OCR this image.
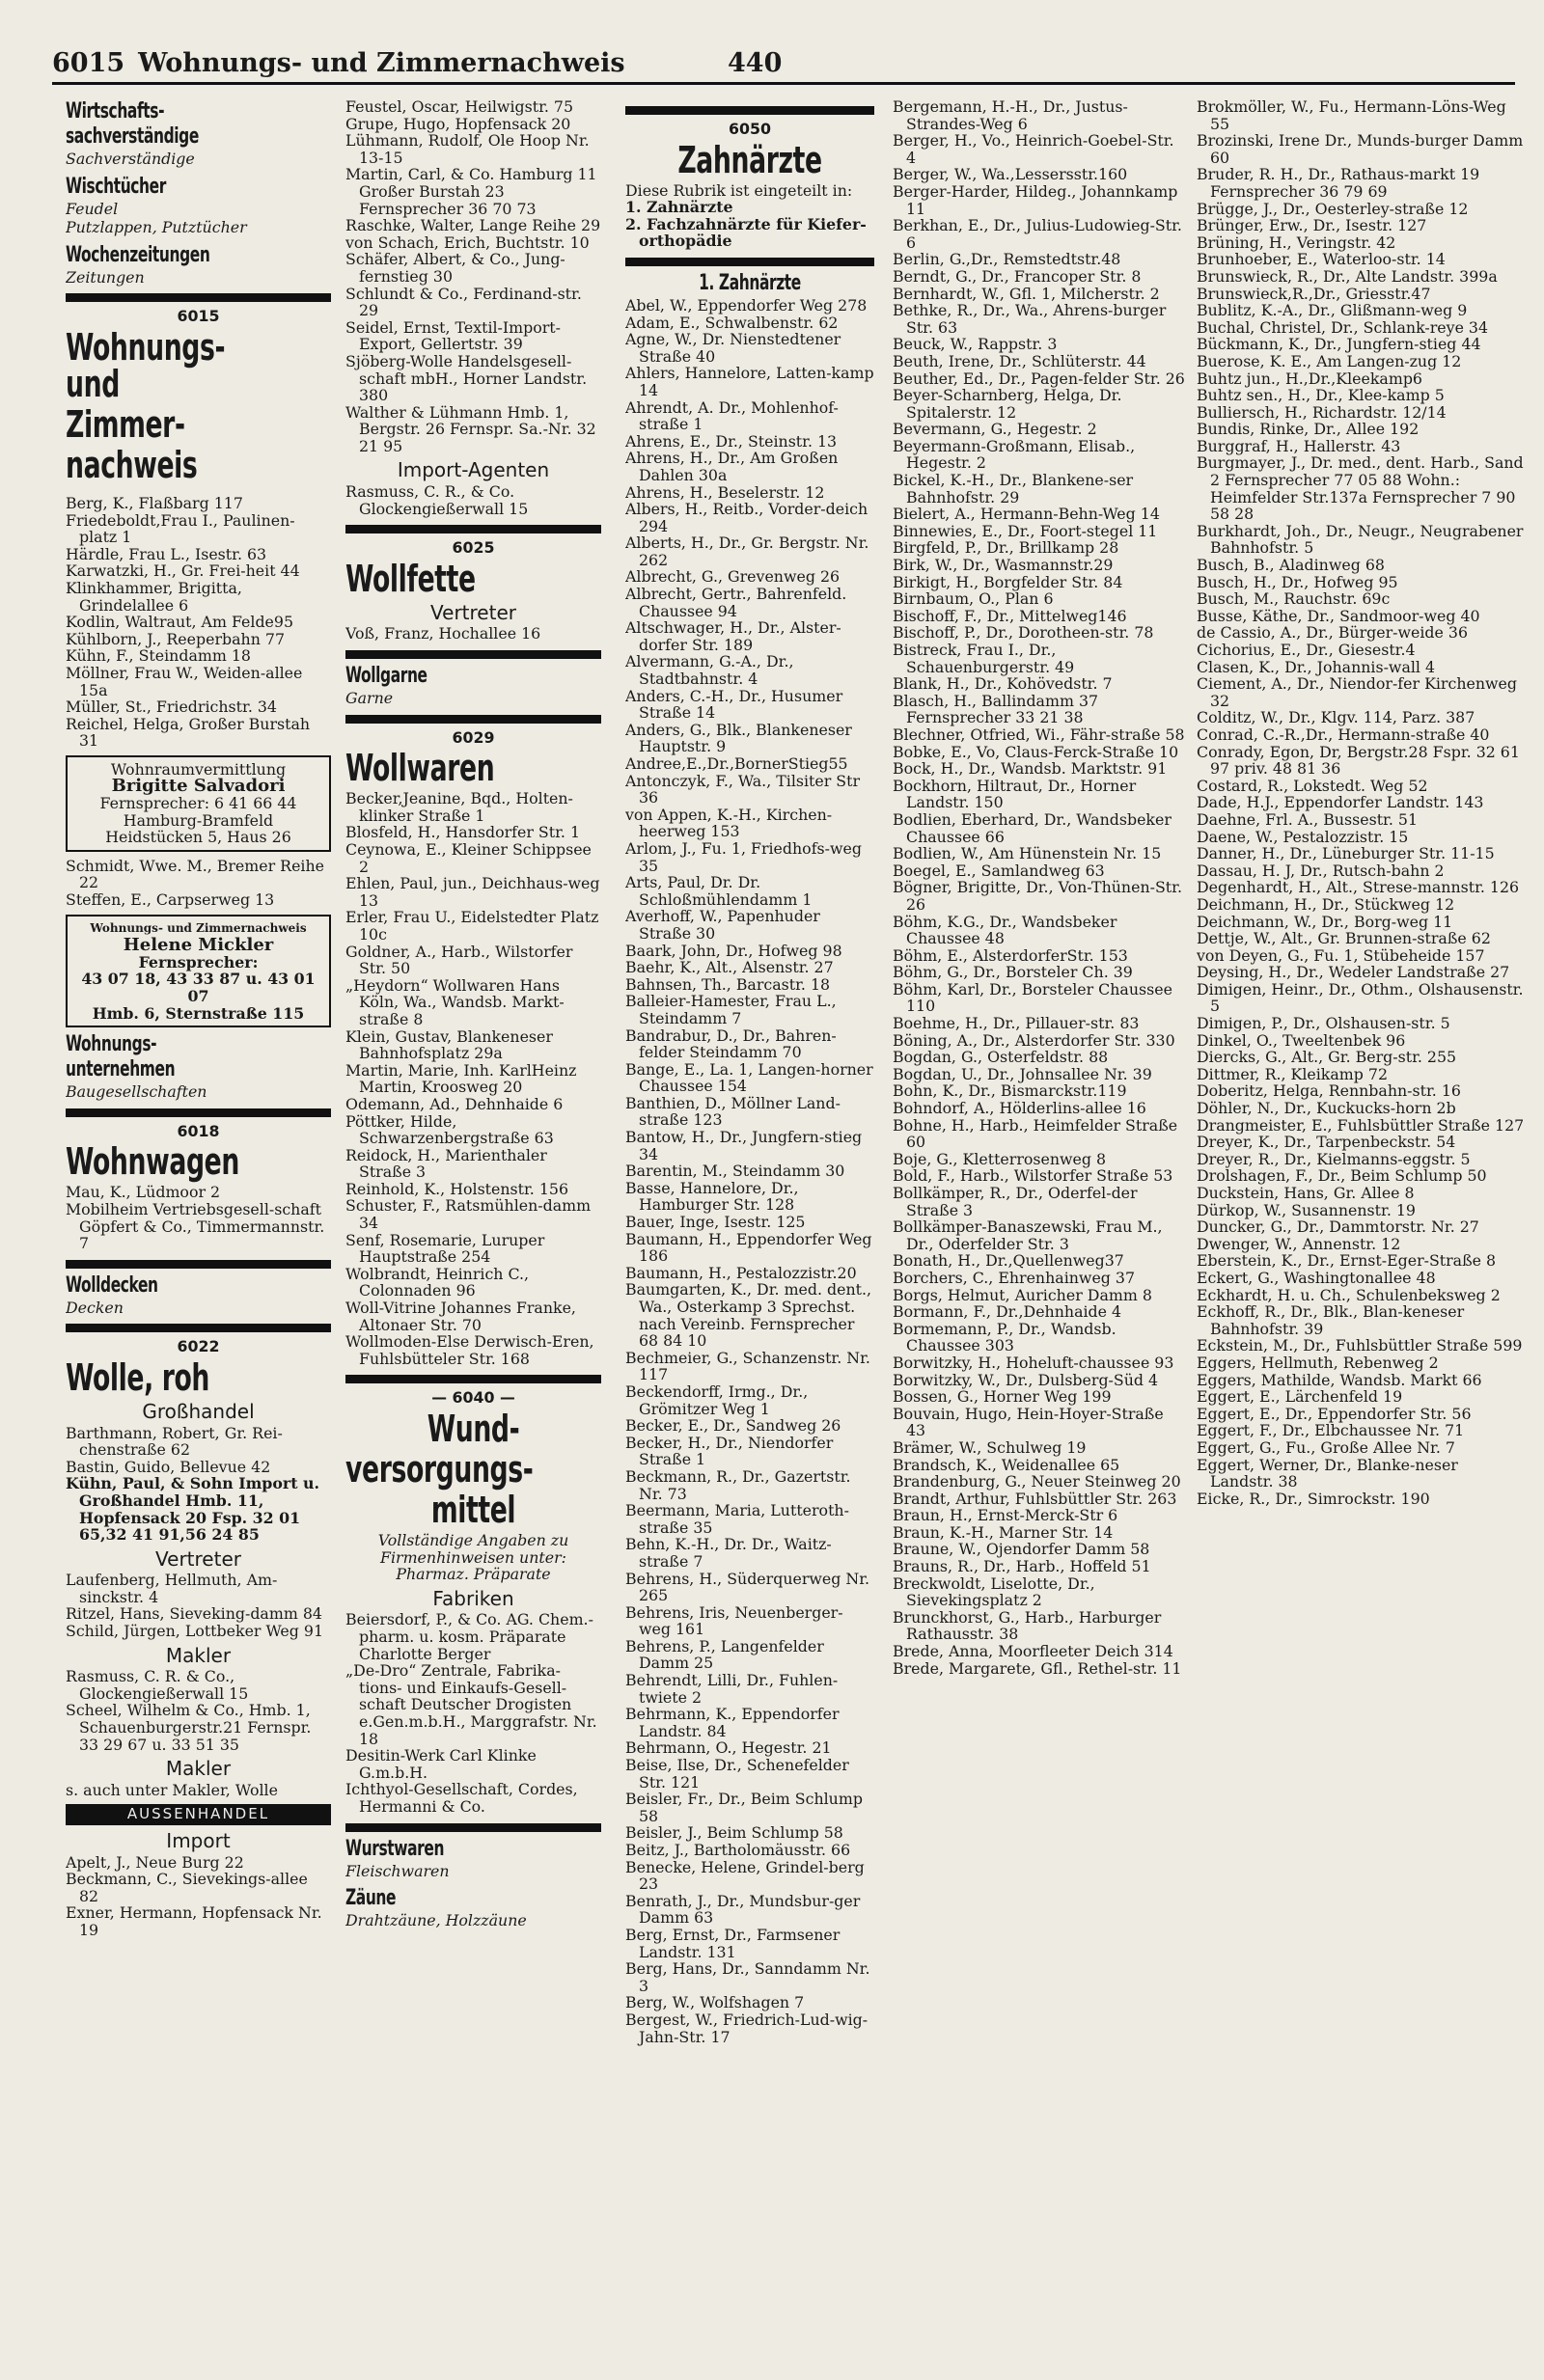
6015 Wohnungs- und Zimmernachweis	440
Wirtschafts-
sachverständige
Sachverständige
Wischtücher
Feudel
Putzlappen, Putztücher
Wochenzeitungen
Zeitungen
6015
Wohnungs- und
Zimmer-
nachweis

Berg, K., Flaßbarg 117

Friedeboldt,Frau I., Paulinen-platz 1

Härdle, Frau L., Isestr. 63

Karwatzki, H., Gr. Frei-heit 44

Klinkhammer, Brigitta, Grindelallee 6

Kodlin, Waltraut, Am Felde95

Kühlborn, J., Reeperbahn 77

Kühn, F., Steindamm 18

Möllner, Frau W., Weiden-allee 15a

Müller, St., Friedrichstr. 34

Reichel, Helga, Großer Burstah 31

Wohnraumvermittlung
Brigitte Salvadori
Fernsprecher: 6 41 66 44
Hamburg-Bramfeld
Heidstücken 5, Haus 26

Schmidt, Wwe. M., Bremer Reihe 22

Steffen, E., Carpserweg 13

Wohnungs- und Zimmernachweis
Helene Mickler
Fernsprecher:
43 07 18, 43 33 87 u. 43 01 07
Hmb. 6, Sternstraße 115
Wohnungs-
unternehmen
Baugesellschaften
6018
Wohnwagen

Mau, K., Lüdmoor 2

Mobilheim Vertriebsgesell-schaft Göpfert & Co., Timmermannstr. 7

Wolldecken
Decken
6022
Wolle, roh
Großhandel

Barthmann, Robert, Gr. Rei-chenstraße 62

Bastin, Guido, Bellevue 42

Kühn, Paul, & Sohn Import u. Großhandel Hmb. 11, Hopfensack 20 Fsp. 32 01 65,32 41 91,56 24 85

Vertreter

Laufenberg, Hellmuth, Am-sinckstr. 4

Ritzel, Hans, Sieveking-damm 84

Schild, Jürgen, Lottbeker Weg 91

Makler

Rasmuss, C. R. & Co., Glockengießerwall 15

Scheel, Wilhelm & Co., Hmb. 1, Schauenburgerstr.21 Fernspr. 33 29 67 u. 33 51 35

Makler

s. auch unter Makler, Wolle

AUSSENHANDEL
Import

Apelt, J., Neue Burg 22

Beckmann, C., Sievekings-allee 82

Exner, Hermann, Hopfensack Nr. 19

Feustel, Oscar, Heilwigstr. 75

Grupe, Hugo, Hopfensack 20

Lühmann, Rudolf, Ole Hoop Nr. 13-15

Martin, Carl, & Co. Hamburg 11 Großer Burstah 23 Fernsprecher 36 70 73

Raschke, Walter, Lange Reihe 29

von Schach, Erich, Buchtstr. 10

Schäfer, Albert, & Co., Jung-fernstieg 30

Schlundt & Co., Ferdinand-str. 29

Seidel, Ernst, Textil-Import-Export, Gellertstr. 39

Sjöberg-Wolle Handelsgesell-schaft mbH., Horner Landstr. 380

Walther & Lühmann Hmb. 1, Bergstr. 26 Fernspr. Sa.-Nr. 32 21 95

Import-Agenten

Rasmuss, C. R., & Co. Glockengießerwall 15

6025
Wollfette
Vertreter

Voß, Franz, Hochallee 16

Wollgarne
Garne
6029
Wollwaren

Becker,Jeanine, Bqd., Holten-klinker Straße 1

Blosfeld, H., Hansdorfer Str. 1

Ceynowa, E., Kleiner Schippsee 2

Ehlen, Paul, jun., Deichhaus-weg 13

Erler, Frau U., Eidelstedter Platz 10c

Goldner, A., Harb., Wilstorfer Str. 50

„Heydorn“ Wollwaren Hans Köln, Wa., Wandsb. Markt-straße 8

Klein, Gustav, Blankeneser Bahnhofsplatz 29a

Martin, Marie, Inh. KarlHeinz Martin, Kroosweg 20

Odemann, Ad., Dehnhaide 6

Pöttker, Hilde, Schwarzenbergstraße 63

Reidock, H., Marienthaler Straße 3

Reinhold, K., Holstenstr. 156

Schuster, F., Ratsmühlen-damm 34

Senf, Rosemarie, Luruper Hauptstraße 254

Wolbrandt, Heinrich C., Colonnaden 96

Woll-Vitrine Johannes Franke, Altonaer Str. 70

Wollmoden-Else Derwisch-Eren, Fuhlsbütteler Str. 168

— 6040 —
Wund-
versorgungs-
mittel
Vollständige Angaben zu Firmenhinweisen unter: Pharmaz. Präparate
Fabriken

Beiersdorf, P., & Co. AG. Chem.-pharm. u. kosm. Präparate Charlotte Berger

„De-Dro“ Zentrale, Fabrika-tions- und Einkaufs-Gesell-schaft Deutscher Drogisten e.Gen.m.b.H., Marggrafstr. Nr. 18

Desitin-Werk Carl Klinke G.m.b.H.

Ichthyol-Gesellschaft, Cordes, Hermanni & Co.

Wurstwaren
Fleischwaren
Zäune
Drahtzäune, Holzzäune
6050
Zahnärzte

Diese Rubrik ist eingeteilt in:

1. Zahnärzte

2. Fachzahnärzte für Kiefer-orthopädie

1. Zahnärzte

Abel, W., Eppendorfer Weg 278

Adam, E., Schwalbenstr. 62

Agne, W., Dr. Nienstedtener Straße 40

Ahlers, Hannelore, Latten-kamp 14

Ahrendt, A. Dr., Mohlenhof-straße 1

Ahrens, E., Dr., Steinstr. 13

Ahrens, H., Dr., Am Großen Dahlen 30a

Ahrens, H., Beselerstr. 12

Albers, H., Reitb., Vorder-deich 294

Alberts, H., Dr., Gr. Bergstr. Nr. 262

Albrecht, G., Grevenweg 26

Albrecht, Gertr., Bahrenfeld. Chaussee 94

Altschwager, H., Dr., Alster-dorfer Str. 189

Alvermann, G.-A., Dr., Stadtbahnstr. 4

Anders, C.-H., Dr., Husumer Straße 14

Anders, G., Blk., Blankeneser Hauptstr. 9

Andree,E.,Dr.,BornerStieg55

Antonczyk, F., Wa., Tilsiter Str 36

von Appen, K.-H., Kirchen-heerweg 153

Arlom, J., Fu. 1, Friedhofs-weg 35

Arts, Paul, Dr. Dr. Schloßmühlendamm 1

Averhoff, W., Papenhuder Straße 30

Baark, John, Dr., Hofweg 98

Baehr, K., Alt., Alsenstr. 27

Bahnsen, Th., Barcastr. 18

Balleier-Hamester, Frau L., Steindamm 7

Bandrabur, D., Dr., Bahren-felder Steindamm 70

Bange, E., La. 1, Langen-horner Chaussee 154

Banthien, D., Möllner Land-straße 123

Bantow, H., Dr., Jungfern-stieg 34

Barentin, M., Steindamm 30

Basse, Hannelore, Dr., Hamburger Str. 128

Bauer, Inge, Isestr. 125

Baumann, H., Eppendorfer Weg 186

Baumann, H., Pestalozzistr.20

Baumgarten, K., Dr. med. dent., Wa., Osterkamp 3 Sprechst. nach Vereinb. Fernsprecher 68 84 10

Bechmeier, G., Schanzenstr. Nr. 117

Beckendorff, Irmg., Dr., Grömitzer Weg 1

Becker, E., Dr., Sandweg 26

Becker, H., Dr., Niendorfer Straße 1

Beckmann, R., Dr., Gazertstr. Nr. 73

Beermann, Maria, Lutteroth-straße 35

Behn, K.-H., Dr. Dr., Waitz-straße 7

Behrens, H., Süderquerweg Nr. 265

Behrens, Iris, Neuenberger-weg 161

Behrens, P., Langenfelder Damm 25

Behrendt, Lilli, Dr., Fuhlen-twiete 2

Behrmann, K., Eppendorfer Landstr. 84

Behrmann, O., Hegestr. 21

Beise, Ilse, Dr., Schenefelder Str. 121

Beisler, Fr., Dr., Beim Schlump 58

Beisler, J., Beim Schlump 58

Beitz, J., Bartholomäusstr. 66

Benecke, Helene, Grindel-berg 23

Benrath, J., Dr., Mundsbur-ger Damm 63

Berg, Ernst, Dr., Farmsener Landstr. 131

Berg, Hans, Dr., Sanndamm Nr. 3

Berg, W., Wolfshagen 7

Bergest, W., Friedrich-Lud-wig-Jahn-Str. 17

Bergemann, H.-H., Dr., Justus-Strandes-Weg 6

Berger, H., Vo., Heinrich-Goebel-Str. 4

Berger, W., Wa.,Lessersstr.160

Berger-Harder, Hildeg., Johannkamp 11

Berkhan, E., Dr., Julius-Ludowieg-Str. 6

Berlin, G.,Dr., Remstedtstr.48

Berndt, G., Dr., Francoper Str. 8

Bernhardt, W., Gfl. 1, Milcherstr. 2

Bethke, R., Dr., Wa., Ahrens-burger Str. 63

Beuck, W., Rappstr. 3

Beuth, Irene, Dr., Schlüterstr. 44

Beuther, Ed., Dr., Pagen-felder Str. 26

Beyer-Scharnberg, Helga, Dr. Spitalerstr. 12

Bevermann, G., Hegestr. 2

Beyermann-Großmann, Elisab., Hegestr. 2

Bickel, K.-H., Dr., Blankene-ser Bahnhofstr. 29

Bielert, A., Hermann-Behn-Weg 14

Binnewies, E., Dr., Foort-stegel 11

Birgfeld, P., Dr., Brillkamp 28

Birk, W., Dr., Wasmannstr.29

Birkigt, H., Borgfelder Str. 84

Birnbaum, O., Plan 6

Bischoff, F., Dr., Mittelweg146

Bischoff, P., Dr., Dorotheen-str. 78

Bistreck, Frau I., Dr., Schauenburgerstr. 49

Blank, H., Dr., Kohövedstr. 7

Blasch, H., Ballindamm 37 Fernsprecher 33 21 38

Blechner, Otfried, Wi., Fähr-straße 58

Bobke, E., Vo, Claus-Ferck-Straße 10

Bock, H., Dr., Wandsb. Marktstr. 91

Bockhorn, Hiltraut, Dr., Horner Landstr. 150

Bodlien, Eberhard, Dr., Wandsbeker Chaussee 66

Bodlien, W., Am Hünenstein Nr. 15

Boegel, E., Samlandweg 63

Bögner, Brigitte, Dr., Von-Thünen-Str. 26

Böhm, K.G., Dr., Wandsbeker Chaussee 48

Böhm, E., AlsterdorferStr. 153

Böhm, G., Dr., Borsteler Ch. 39

Böhm, Karl, Dr., Borsteler Chaussee 110

Boehme, H., Dr., Pillauer-str. 83

Böning, A., Dr., Alsterdorfer Str. 330

Bogdan, G., Osterfeldstr. 88

Bogdan, U., Dr., Johnsallee Nr. 39

Bohn, K., Dr., Bismarckstr.119

Bohndorf, A., Hölderlins-allee 16

Bohne, H., Harb., Heimfelder Straße 60

Boje, G., Kletterrosenweg 8

Bold, F., Harb., Wilstorfer Straße 53

Bollkämper, R., Dr., Oderfel-der Straße 3

Bollkämper-Banaszewski, Frau M., Dr., Oderfelder Str. 3

Bonath, H., Dr.,Quellenweg37

Borchers, C., Ehrenhainweg 37

Borgs, Helmut, Auricher Damm 8

Bormann, F., Dr.,Dehnhaide 4

Bormemann, P., Dr., Wandsb. Chaussee 303

Borwitzky, H., Hoheluft-chaussee 93

Borwitzky, W., Dr., Dulsberg-Süd 4

Bossen, G., Horner Weg 199

Bouvain, Hugo, Hein-Hoyer-Straße 43

Brämer, W., Schulweg 19

Brandsch, K., Weidenallee 65

Brandenburg, G., Neuer Steinweg 20

Brandt, Arthur, Fuhlsbüttler Str. 263

Braun, H., Ernst-Merck-Str 6

Braun, K.-H., Marner Str. 14

Braune, W., Ojendorfer Damm 58

Brauns, R., Dr., Harb., Hoffeld 51

Breckwoldt, Liselotte, Dr., Sievekingsplatz 2

Brunckhorst, G., Harb., Harburger Rathausstr. 38

Brede, Anna, Moorfleeter Deich 314

Brede, Margarete, Gfl., Rethel-str. 11

Brokmöller, W., Fu., Hermann-Löns-Weg 55

Brozinski, Irene Dr., Munds-burger Damm 60

Bruder, R. H., Dr., Rathaus-markt 19 Fernsprecher 36 79 69

Brügge, J., Dr., Oesterley-straße 12

Brünger, Erw., Dr., Isestr. 127

Brüning, H., Veringstr. 42

Brunhoeber, E., Waterloo-str. 14

Brunswieck, R., Dr., Alte Landstr. 399a

Brunswieck,R.,Dr., Griesstr.47

Bublitz, K.-A., Dr., Glißmann-weg 9

Buchal, Christel, Dr., Schlank-reye 34

Bückmann, K., Dr., Jungfern-stieg 44

Buerose, K. E., Am Langen-zug 12

Buhtz jun., H.,Dr.,Kleekamp6

Buhtz sen., H., Dr., Klee-kamp 5

Bulliersch, H., Richardstr. 12/14

Bundis, Rinke, Dr., Allee 192

Burggraf, H., Hallerstr. 43

Burgmayer, J., Dr. med., dent. Harb., Sand 2 Fernsprecher 77 05 88 Wohn.: Heimfelder Str.137a Fernsprecher 7 90 58 28

Burkhardt, Joh., Dr., Neugr., Neugrabener Bahnhofstr. 5

Busch, B., Aladinweg 68

Busch, H., Dr., Hofweg 95

Busch, M., Rauchstr. 69c

Busse, Käthe, Dr., Sandmoor-weg 40

de Cassio, A., Dr., Bürger-weide 36

Cichorius, E., Dr., Giesestr.4

Clasen, K., Dr., Johannis-wall 4

Ciement, A., Dr., Niendor-fer Kirchenweg 32

Colditz, W., Dr., Klgv. 114, Parz. 387

Conrad, C.-R.,Dr., Hermann-straße 40

Conrady, Egon, Dr, Bergstr.28 Fspr. 32 61 97 priv. 48 81 36

Costard, R., Lokstedt. Weg 52

Dade, H.J., Eppendorfer Landstr. 143

Daehne, Frl. A., Bussestr. 51

Daene, W., Pestalozzistr. 15

Danner, H., Dr., Lüneburger Str. 11-15

Dassau, H. J, Dr., Rutsch-bahn 2

Degenhardt, H., Alt., Strese-mannstr. 126

Deichmann, H., Dr., Stückweg 12

Deichmann, W., Dr., Borg-weg 11

Dettje, W., Alt., Gr. Brunnen-straße 62

von Deyen, G., Fu. 1, Stübeheide 157

Deysing, H., Dr., Wedeler Landstraße 27

Dimigen, Heinr., Dr., Othm., Olshausenstr. 5

Dimigen, P., Dr., Olshausen-str. 5

Dinkel, O., Tweeltenbek 96

Diercks, G., Alt., Gr. Berg-str. 255

Dittmer, R., Kleikamp 72

Doberitz, Helga, Rennbahn-str. 16

Döhler, N., Dr., Kuckucks-horn 2b

Drangmeister, E., Fuhlsbüttler Straße 127

Dreyer, K., Dr., Tarpenbeckstr. 54

Dreyer, R., Dr., Kielmanns-eggstr. 5

Drolshagen, F., Dr., Beim Schlump 50

Duckstein, Hans, Gr. Allee 8

Dürkop, W., Susannenstr. 19

Duncker, G., Dr., Dammtorstr. Nr. 27

Dwenger, W., Annenstr. 12

Eberstein, K., Dr., Ernst-Eger-Straße 8

Eckert, G., Washingtonallee 48

Eckhardt, H. u. Ch., Schulenbeksweg 2

Eckhoff, R., Dr., Blk., Blan-keneser Bahnhofstr. 39

Eckstein, M., Dr., Fuhlsbüttler Straße 599

Eggers, Hellmuth, Rebenweg 2

Eggers, Mathilde, Wandsb. Markt 66

Eggert, E., Lärchenfeld 19

Eggert, E., Dr., Eppendorfer Str. 56

Eggert, F., Dr., Elbchaussee Nr. 71

Eggert, G., Fu., Große Allee Nr. 7

Eggert, Werner, Dr., Blanke-neser Landstr. 38

Eicke, R., Dr., Simrockstr. 190
